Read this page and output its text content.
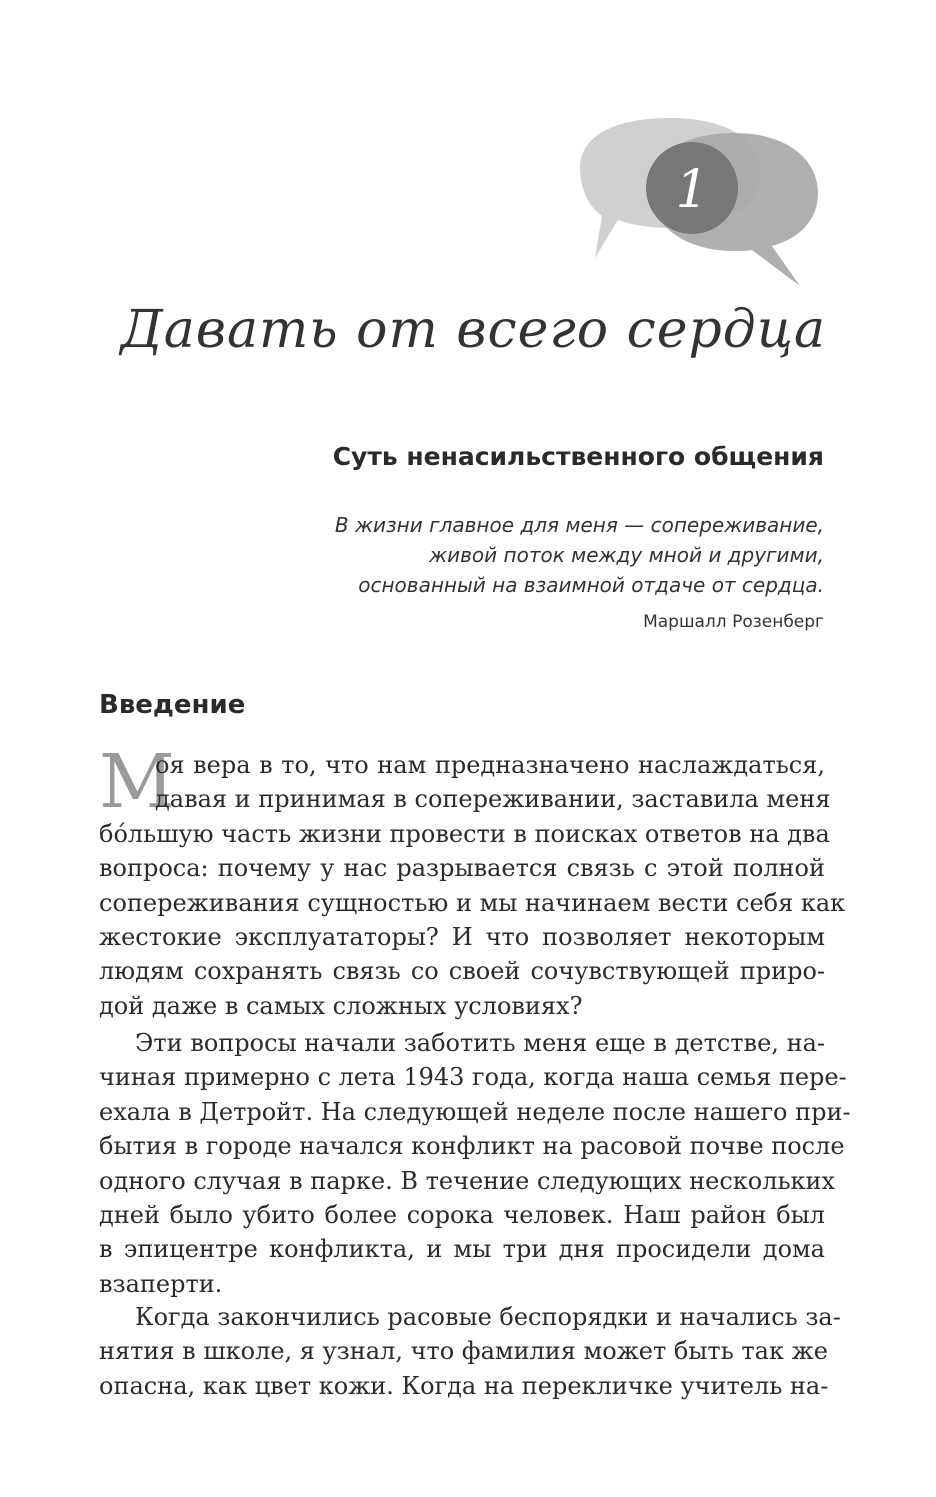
1
Давать от всего сердца
Суть ненасильственного общения
В жизни главное для меня — сопереживание,
живой поток между мной и другими,
основанный на взаимной отдаче от сердца.
Маршалл Розенберг
Введение
М
оя вера в то, что нам предназначено наслаждаться,
давая и принимая в сопереживании, заставила меня
бóльшую часть жизни провести в поисках ответов на два
вопроса: почему у нас разрывается связь с этой полной
сопереживания сущностью и мы начинаем вести себя как
жестокие эксплуататоры? И что позволяет некоторым
людям сохранять связь со своей сочувствующей приро-
дой даже в самых сложных условиях?
Эти вопросы начали заботить меня еще в детстве, на-
чиная примерно с лета 1943 года, когда наша семья пере-
ехала в Детройт. На следующей неделе после нашего при-
бытия в городе начался конфликт на расовой почве после
одного случая в парке. В течение следующих нескольких
дней было убито более сорока человек. Наш район был
в эпицентре конфликта, и мы три дня просидели дома
взаперти.
Когда закончились расовые беспорядки и начались за-
нятия в школе, я узнал, что фамилия может быть так же
опасна, как цвет кожи. Когда на перекличке учитель на-
